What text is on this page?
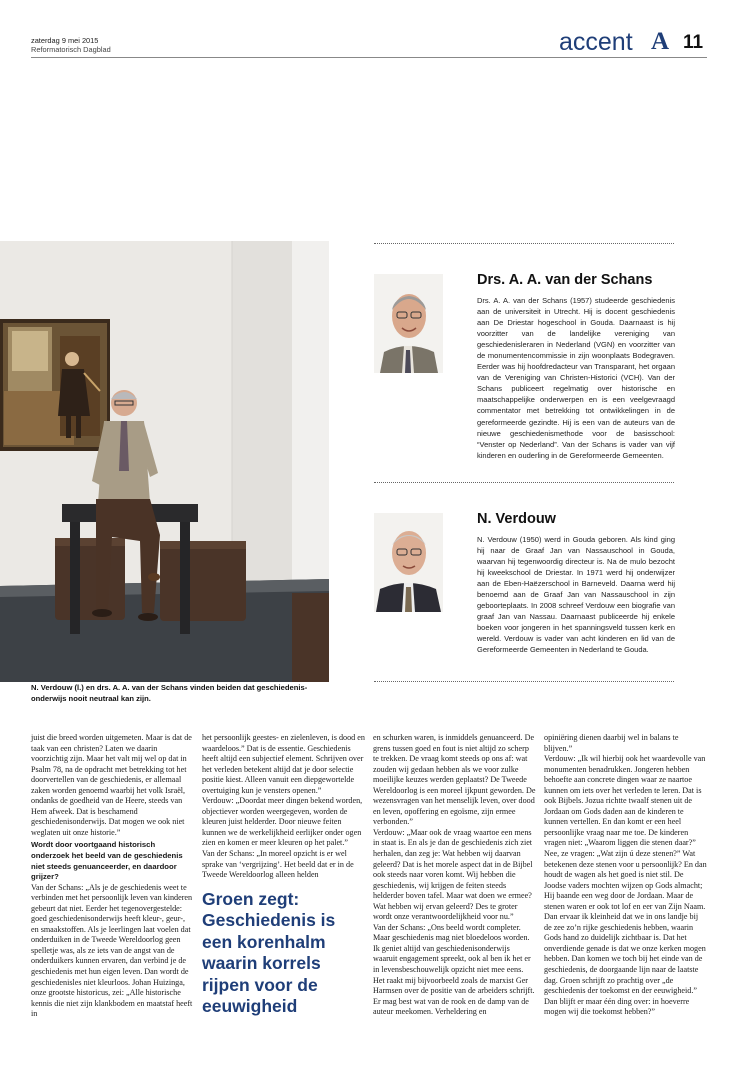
zaterdag 9 mei 2015
Reformatorisch Dagblad	accent A 11
N. Verdouw (l.) en drs. A. A. van der Schans vinden beiden dat geschiedenisonderwijs nooit neutraal kan zijn.
Drs. A. A. van der Schans
Drs. A. A. van der Schans (1957) studeerde geschiedenis aan de universiteit in Utrecht. Hij is docent geschiedenis aan De Driestar hogeschool in Gouda. Daarnaast is hij voorzitter van de landelijke vereniging van geschiedenisleraren in Nederland (VGN) en voorzitter van de monumentencommissie in zijn woonplaats Bodegraven. Eerder was hij hoofdredacteur van Transparant, het orgaan van de Vereniging van Christen-Historici (VCH). Van der Schans publiceert regelmatig over historische en maatschappelijke onderwerpen en is een veelgevraagd commentator met betrekking tot ontwikkelingen in de gereformeerde gezindte. Hij is een van de auteurs van de nieuwe geschiedenismethode voor de basisschool: “Venster op Nederland”. Van der Schans is vader van vijf kinderen en ouderling in de Gereformeerde Gemeenten.
N. Verdouw
N. Verdouw (1950) werd in Gouda geboren. Als kind ging hij naar de Graaf Jan van Nassauschool in Gouda, waarvan hij tegenwoordig directeur is. Na de mulo bezocht hij kweekschool de Driestar. In 1971 werd hij onderwijzer aan de Eben-Haëzerschool in Barneveld. Daarna werd hij benoemd aan de Graaf Jan van Nassauschool in zijn geboorteplaats. In 2008 schreef Verdouw een biografie van graaf Jan van Nassau. Daarnaast publiceerde hij enkele boeken voor jongeren in het spanningsveld tussen kerk en wereld. Verdouw is vader van acht kinderen en lid van de Gereformeerde Gemeenten in Nederland te Gouda.

juist die breed worden uitgemeten. Maar is dat de taak van een christen? Laten we daarin voorzichtig zijn. Maar het valt mij wel op dat in Psalm 78, na de opdracht met betrekking tot het doorvertellen van de geschiedenis, er allemaal zaken worden genoemd waarbij het volk Israël, ondanks de goedheid van de Heere, steeds van Hem afweek. Dat is beschamend geschiedenisonderwijs. Dat mogen we ook niet weglaten uit onze historie.”

Wordt door voortgaand historisch onderzoek het beeld van de geschiedenis niet steeds genuanceerder, en daardoor grijzer?

Van der Schans: „Als je de geschiedenis weet te verbinden met het persoonlijk leven van kinderen gebeurt dat niet. Eerder het tegenovergestelde: goed geschiedenisonderwijs heeft kleur-, geur-, en smaakstoffen. Als je leerlingen laat voelen dat onderduiken in de Tweede Wereldoorlog geen spelletje was, als ze iets van de angst van de onderduikers kunnen ervaren, dan verbind je de geschiedenis met hun eigen leven. Dan wordt de geschiedenisles niet kleurloos. Johan Huizinga, onze grootste historicus, zei: „Alle historische kennis die niet zijn klankbodem en maatstaf heeft in

het persoonlijk geestes- en zielenleven, is dood en waardeloos.” Dat is de essentie. Geschiedenis heeft altijd een subjectief element. Schrijven over het verleden betekent altijd dat je door selectie positie kiest. Alleen vanuit een diepgewortelde overtuiging kun je vensters openen.”

Verdouw: „Doordat meer dingen bekend worden, objectiever worden weergegeven, worden de kleuren juist helderder. Door nieuwe feiten kunnen we de werkelijkheid eerlijker onder ogen zien en komen er meer kleuren op het palet.”

Van der Schans: „In moreel opzicht is er wel sprake van ‘vergrijzing’. Het beeld dat er in de Tweede Wereldoorlog alleen helden

Groen zegt: Geschiedenis is een korenhalm waarin korrels rijpen voor de eeuwigheid

en schurken waren, is inmiddels genuanceerd. De grens tussen goed en fout is niet altijd zo scherp te trekken. De vraag komt steeds op ons af: wat zouden wij gedaan hebben als we voor zulke moeilijke keuzes werden geplaatst? De Tweede Wereldoorlog is een moreel ijkpunt geworden. De wezensvragen van het menselijk leven, over dood en leven, opoffering en egoïsme, zijn ermee verbonden.”

Verdouw: „Maar ook de vraag waartoe een mens in staat is. En als je dan de geschiedenis zich ziet herhalen, dan zeg je: Wat hebben wij daarvan geleerd? Dat is het morele aspect dat in de Bijbel ook steeds naar voren komt. Wij hebben die geschiedenis, wij krijgen de feiten steeds helderder boven tafel. Maar wat doen we ermee? Wat hebben wij ervan geleerd? Des te groter wordt onze verantwoordelijkheid voor nu.”

Van der Schans: „Ons beeld wordt completer. Maar geschiedenis mag niet bloedeloos worden. Ik geniet altijd van geschiedenisonderwijs waaruit engagement spreekt, ook al ben ik het er in levensbeschouwelijk opzicht niet mee eens. Het raakt mij bijvoorbeeld zoals de marxist Ger Harmsen over de positie van de arbeiders schrijft. Er mag best wat van de rook en de damp van de auteur meekomen. Verheldering en

opiniëring dienen daarbij wel in balans te blijven.”

Verdouw: „Ik wil hierbij ook het waardevolle van monumenten benadrukken. Jongeren hebben behoefte aan concrete dingen waar ze naartoe kunnen om iets over het verleden te leren. Dat is ook Bijbels. Jozua richtte twaalf stenen uit de Jordaan om Gods daden aan de kinderen te kunnen vertellen. En dan komt er een heel persoonlijke vraag naar me toe. De kinderen vragen niet: „Waarom liggen die stenen daar?” Nee, ze vragen: „Wat zijn ú deze stenen?” Wat betekenen deze stenen voor u persoonlijk? En dan houdt de wagen als het goed is niet stil. De Joodse vaders mochten wijzen op Gods almacht; Hij baande een weg door de Jordaan. Maar de stenen waren er ook tot lof en eer van Zijn Naam. Dan ervaar ik kleinheid dat we in ons landje bij de zee zo’n rijke geschiedenis hebben, waarin Gods hand zo duidelijk zichtbaar is. Dat het onverdiende genade is dat we onze kerken mogen hebben. Dan komen we toch bij het einde van de geschiedenis, de doorgaande lijn naar de laatste dag. Groen schrijft zo prachtig over „de geschiedenis der toekomst en der eeuwigheid.” Dan blijft er maar één ding over: in hoeverre mogen wij die toekomst hebben?”
